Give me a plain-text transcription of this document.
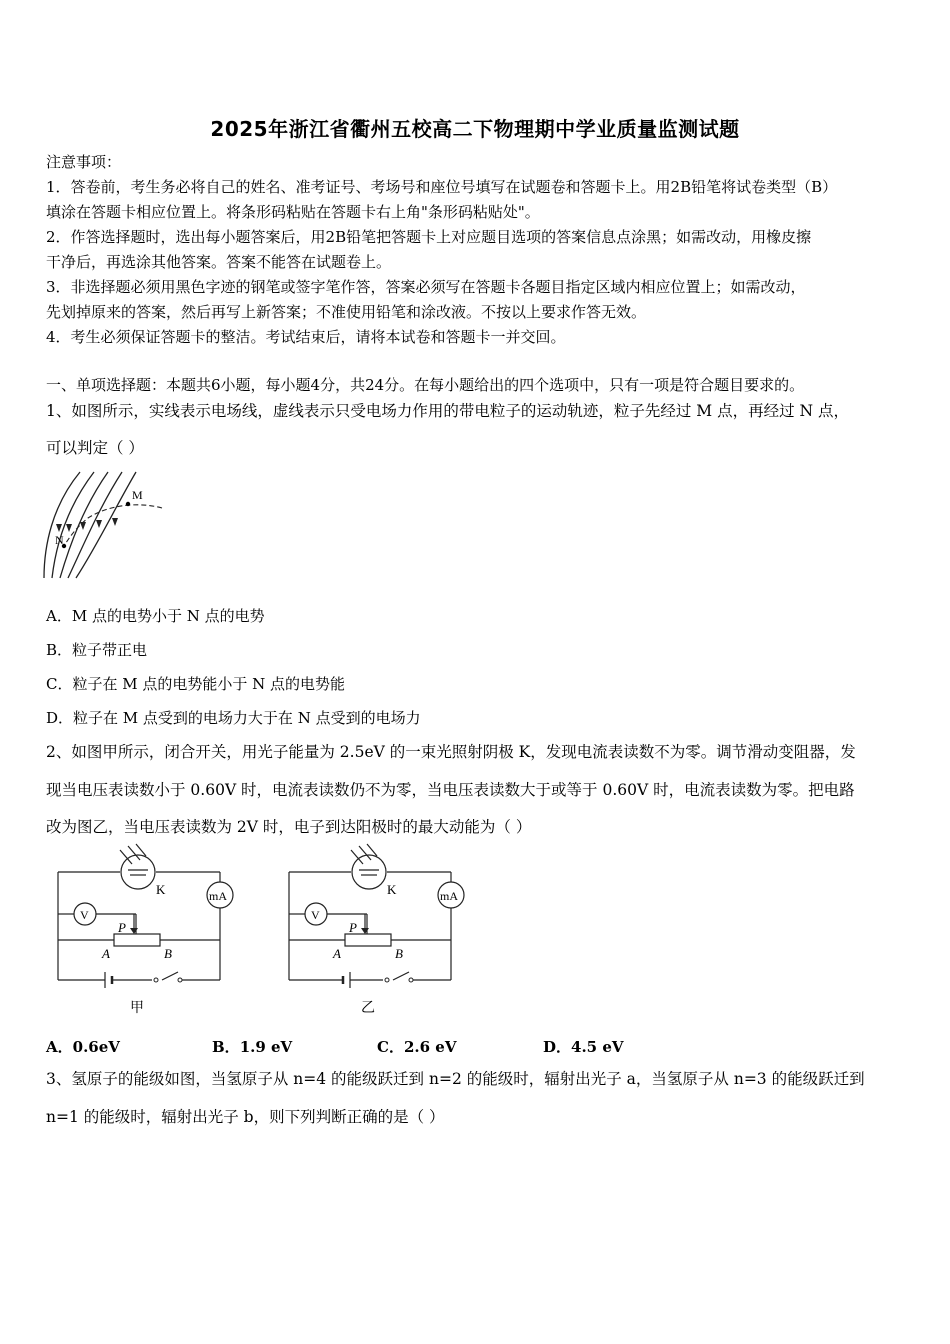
2025年浙江省衢州五校高二下物理期中学业质量监测试题
注意事项：
1．答卷前，考生务必将自己的姓名、准考证号、考场号和座位号填写在试题卷和答题卡上。用2B铅笔将试卷类型（B）
填涂在答题卡相应位置上。将条形码粘贴在答题卡右上角"条形码粘贴处"。
2．作答选择题时，选出每小题答案后，用2B铅笔把答题卡上对应题目选项的答案信息点涂黑；如需改动，用橡皮擦
干净后，再选涂其他答案。答案不能答在试题卷上。
3．非选择题必须用黑色字迹的钢笔或签字笔作答，答案必须写在答题卡各题目指定区域内相应位置上；如需改动，
先划掉原来的答案，然后再写上新答案；不准使用铅笔和涂改液。不按以上要求作答无效。
4．考生必须保证答题卡的整洁。考试结束后，请将本试卷和答题卡一并交回。
一、单项选择题：本题共6小题，每小题4分，共24分。在每小题给出的四个选项中，只有一项是符合题目要求的。
1、如图所示，实线表示电场线，虚线表示只受电场力作用的带电粒子的运动轨迹，粒子先经过 M 点，再经过 N 点，
可以判定（ ）
M
N
A．M 点的电势小于 N 点的电势
B．粒子带正电
C．粒子在 M 点的电势能小于 N 点的电势能
D．粒子在 M 点受到的电场力大于在 N 点受到的电场力
2、如图甲所示，闭合开关，用光子能量为 2.5eV 的一束光照射阴极 K，发现电流表读数不为零。调节滑动变阻器，发
现当电压表读数小于 0.60V 时，电流表读数仍不为零，当电压表读数大于或等于 0.60V 时，电流表读数为零。把电路
改为图乙，当电压表读数为 2V 时，电子到达阳极时的最大动能为（ ）
K	mA
V
P
A	B
甲
K	mA
V
P
A	B
乙
A．0.6eV	B．1.9 eV	C．2.6 eV	D．4.5 eV
3、氢原子的能级如图，当氢原子从 n=4 的能级跃迁到 n=2 的能级时，辐射出光子 a，当氢原子从 n=3 的能级跃迁到
n=1 的能级时，辐射出光子 b，则下列判断正确的是（ ）
